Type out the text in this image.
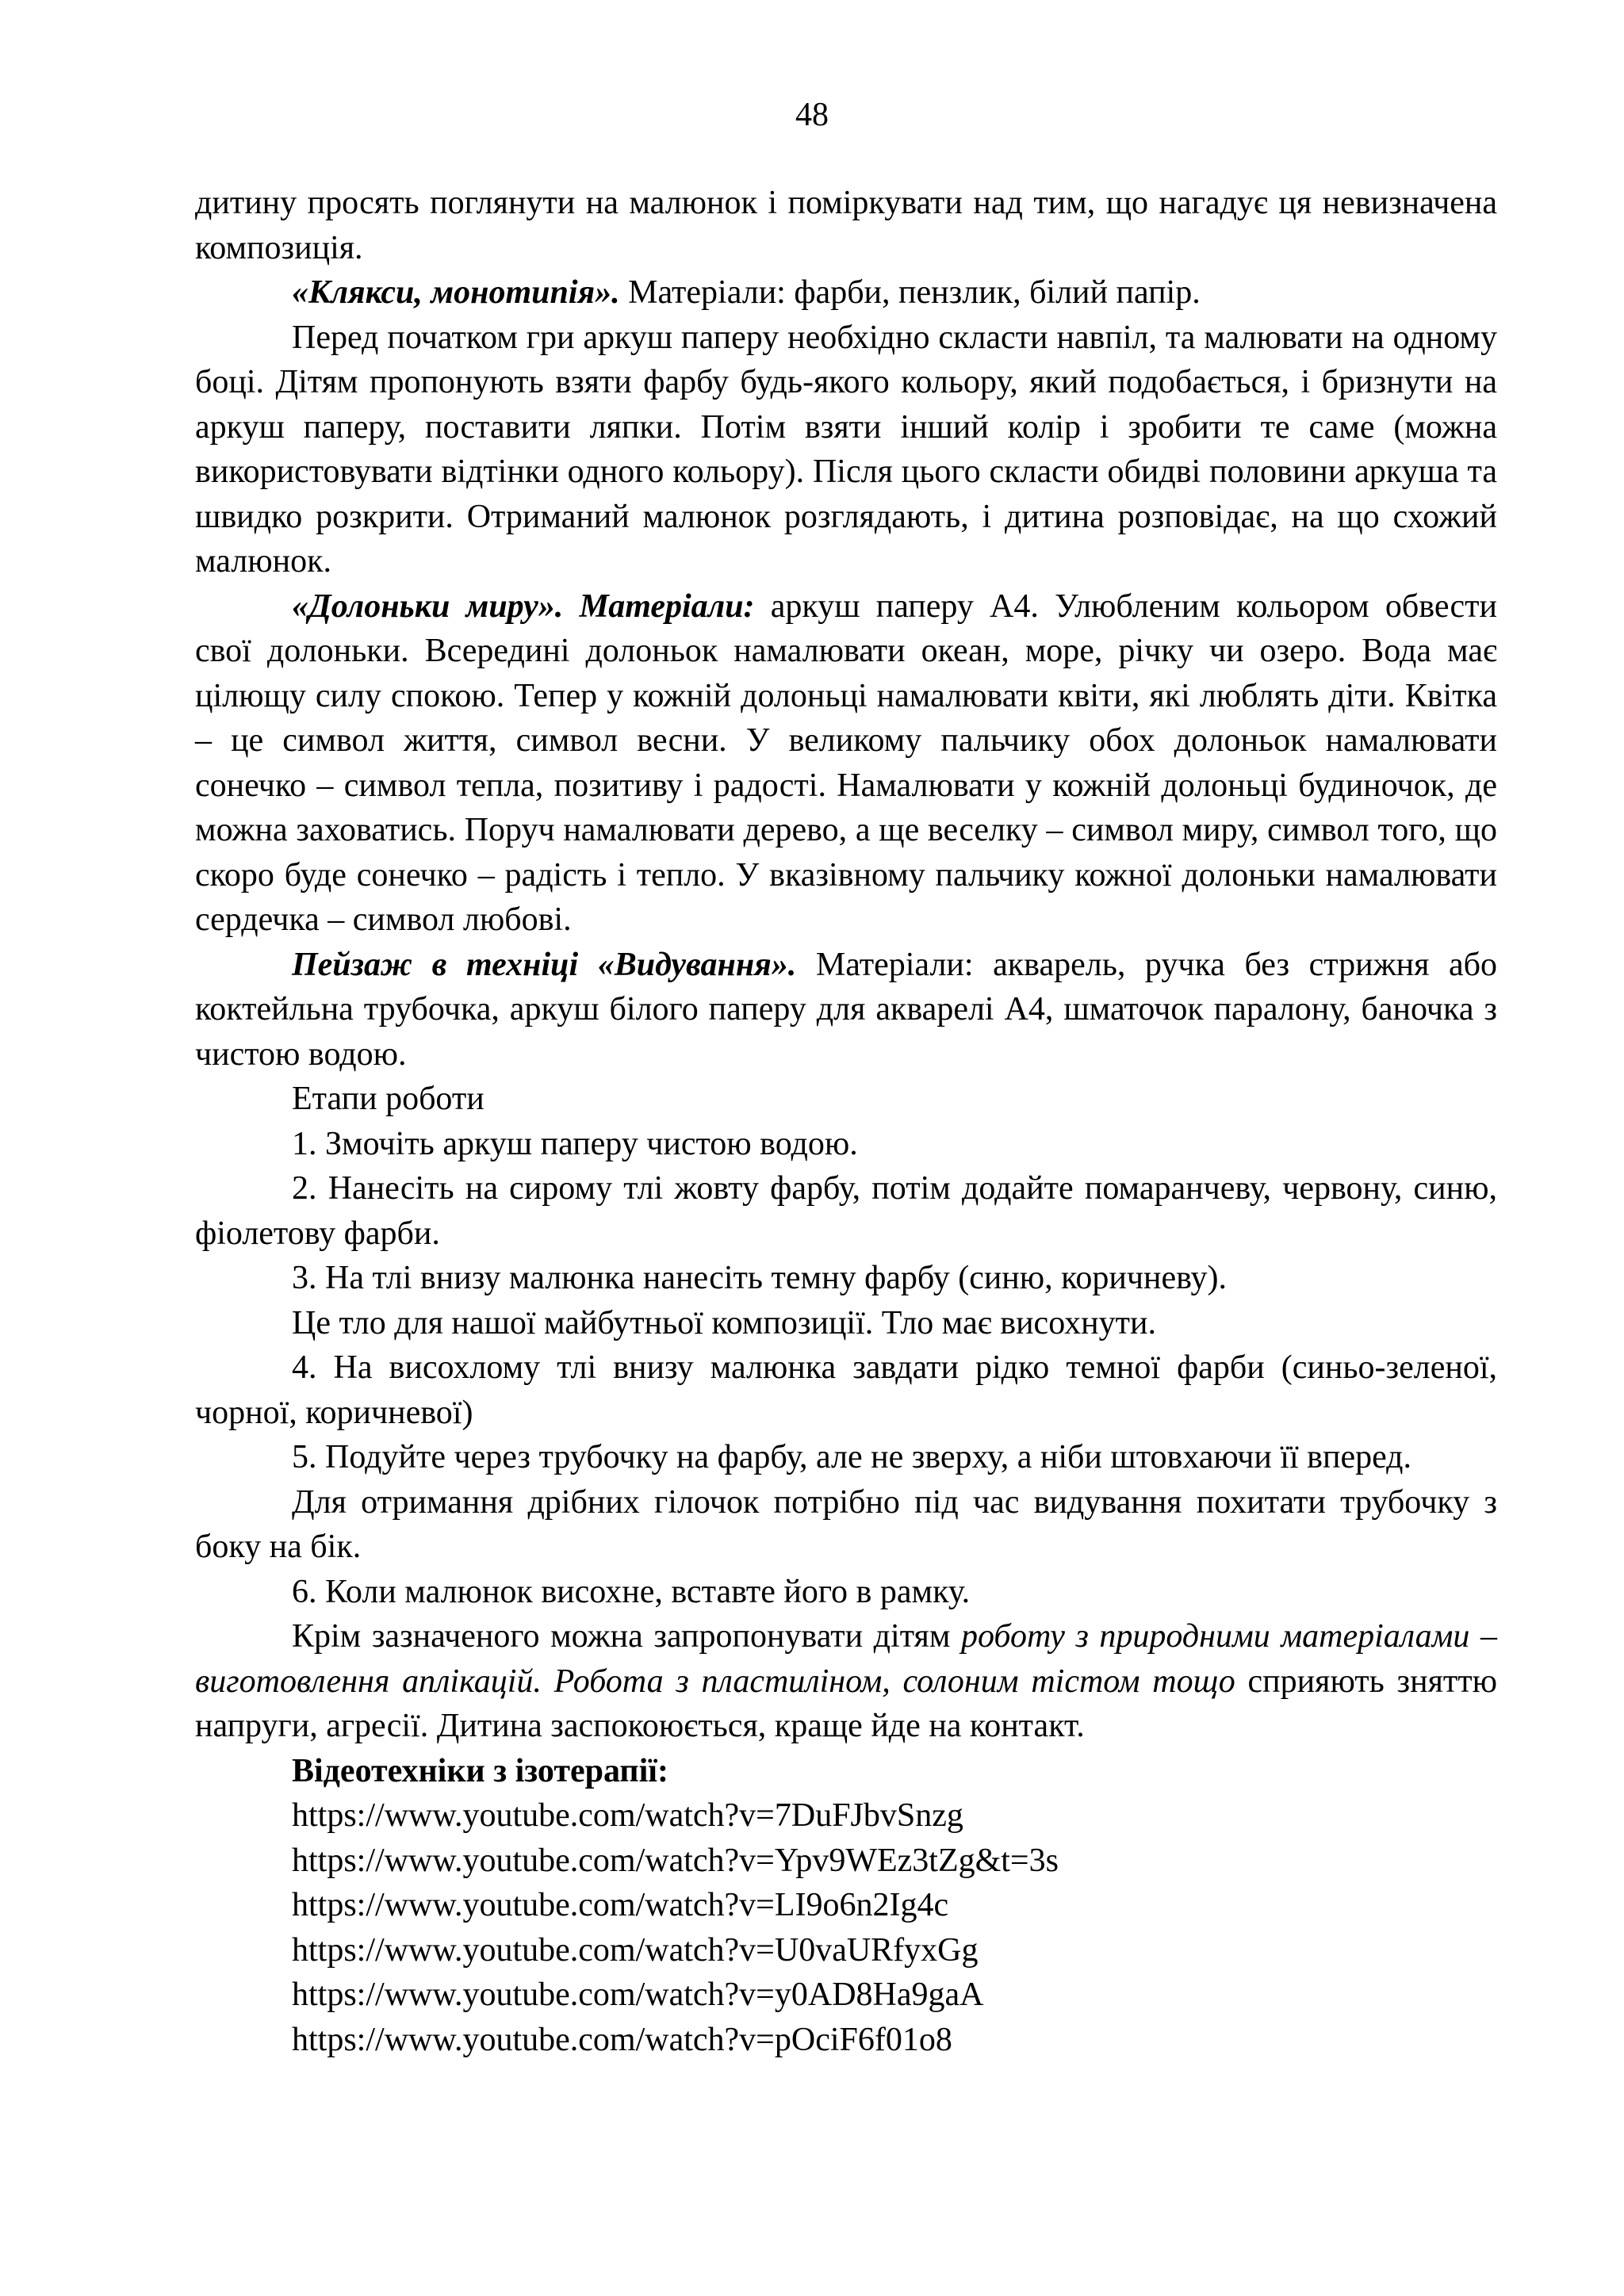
48

дитину просять поглянути на малюнок і поміркувати над тим, що нагадує ця невизначена композиція.

«Клякси, монотипія». Матеріали: фарби, пензлик, білий папір.

Перед початком гри аркуш паперу необхідно скласти навпіл, та малювати на одному боці. Дітям пропонують взяти фарбу будь-якого кольору, який подобається, і бризнути на аркуш паперу, поставити ляпки. Потім взяти інший колір і зробити те саме (можна використовувати відтінки одного кольору). Після цього скласти обидві половини аркуша та швидко розкрити. Отриманий малюнок розглядають, і дитина розповідає, на що схожий малюнок.

«Долоньки миру». Матеріали: аркуш паперу А4. Улюбленим кольором обвести свої долоньки. Всередині долоньок намалювати океан, море, річку чи озеро. Вода має цілющу силу спокою. Тепер у кожній долоньці намалювати квіти, які люблять діти. Квітка – це символ життя, символ весни. У великому пальчику обох долоньок намалювати сонечко – символ тепла, позитиву і радості. Намалювати у кожній долоньці будиночок, де можна заховатись. Поруч намалювати дерево, а ще веселку – символ миру, символ того, що скоро буде сонечко – радість і тепло. У вказівному пальчику кожної долоньки намалювати сердечка – символ любові.

Пейзаж в техніці «Видування». Матеріали: акварель, ручка без стрижня або коктейльна трубочка, аркуш білого паперу для акварелі А4, шматочок паралону, баночка з чистою водою.

Етапи роботи

1. Змочіть аркуш паперу чистою водою.

2. Нанесіть на сирому тлі жовту фарбу, потім додайте помаранчеву, червону, синю, фіолетову фарби.

3. На тлі внизу малюнка нанесіть темну фарбу (синю, коричневу).

Це тло для нашої майбутньої композиції. Тло має висохнути.

4. На висохлому тлі внизу малюнка завдати рідко темної фарби (синьо-зеленої, чорної, коричневої)

5. Подуйте через трубочку на фарбу, але не зверху, а ніби штовхаючи її вперед.

Для отримання дрібних гілочок потрібно під час видування похитати трубочку з боку на бік.

6. Коли малюнок висохне, вставте його в рамку.

Крім зазначеного можна запропонувати дітям роботу з природними матеріалами – виготовлення аплікацій. Робота з пластиліном, солоним тістом тощо сприяють зняттю напруги, агресії. Дитина заспокоюється, краще йде на контакт.

Відеотехніки з ізотерапії:

https://www.youtube.com/watch?v=7DuFJbvSnzg
https://www.youtube.com/watch?v=Ypv9WEz3tZg&t=3s
https://www.youtube.com/watch?v=LI9o6n2Ig4c
https://www.youtube.com/watch?v=U0vaURfyxGg
https://www.youtube.com/watch?v=y0AD8Ha9gaA
https://www.youtube.com/watch?v=pOciF6f01o8
